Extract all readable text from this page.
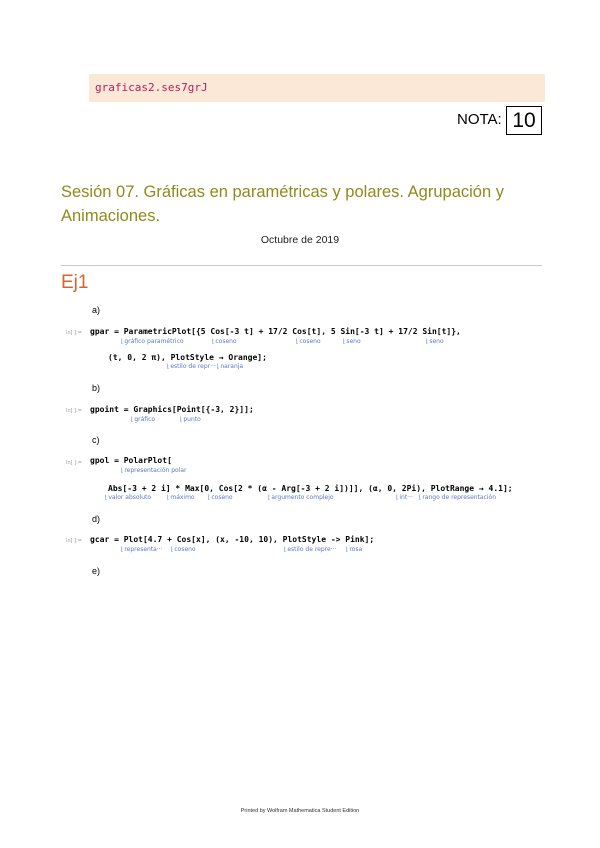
graficas2.ses7grJ
NOTA: 10
Sesión 07. Gráficas en paramétricas y polares. Agrupación y Animaciones.
Octubre de 2019
Ej1
a)
In[ ]:= gpar = ParametricPlot[{5 Cos[-3 t] + 17/2 Cos[t], 5 Sin[-3 t] + 17/2 Sin[t]},
⌊ gráfico paramétrico	⌊ coseno	⌊ coseno	⌊ seno	⌊ seno
(t, 0, 2 π), PlotStyle → Orange];
⌊ estilo de repr··· ⌊ naranja
b)
In[ ]:= gpoint = Graphics[Point[{-3, 2}]];
⌊ gráfico	⌊ punto
c)
In[ ]:= gpol = PolarPlot[
⌊ representación polar
Abs[-3 + 2 i] * Max[0, Cos[2 * (α - Arg[-3 + 2 i])]], (α, 0, 2Pi), PlotRange → 4.1];
⌊ valor absoluto	⌊ máximo	⌊ coseno	⌊ argumento complejo	⌊ int···	⌊ rango de representación
d)
In[ ]:= gcar = Plot[4.7 + Cos[x], (x, -10, 10), PlotStyle -> Pink];
⌊ representa···	⌊ coseno	⌊ estilo de repre···	⌊ rosa
e)
Printed by Wolfram Mathematica Student Edition
